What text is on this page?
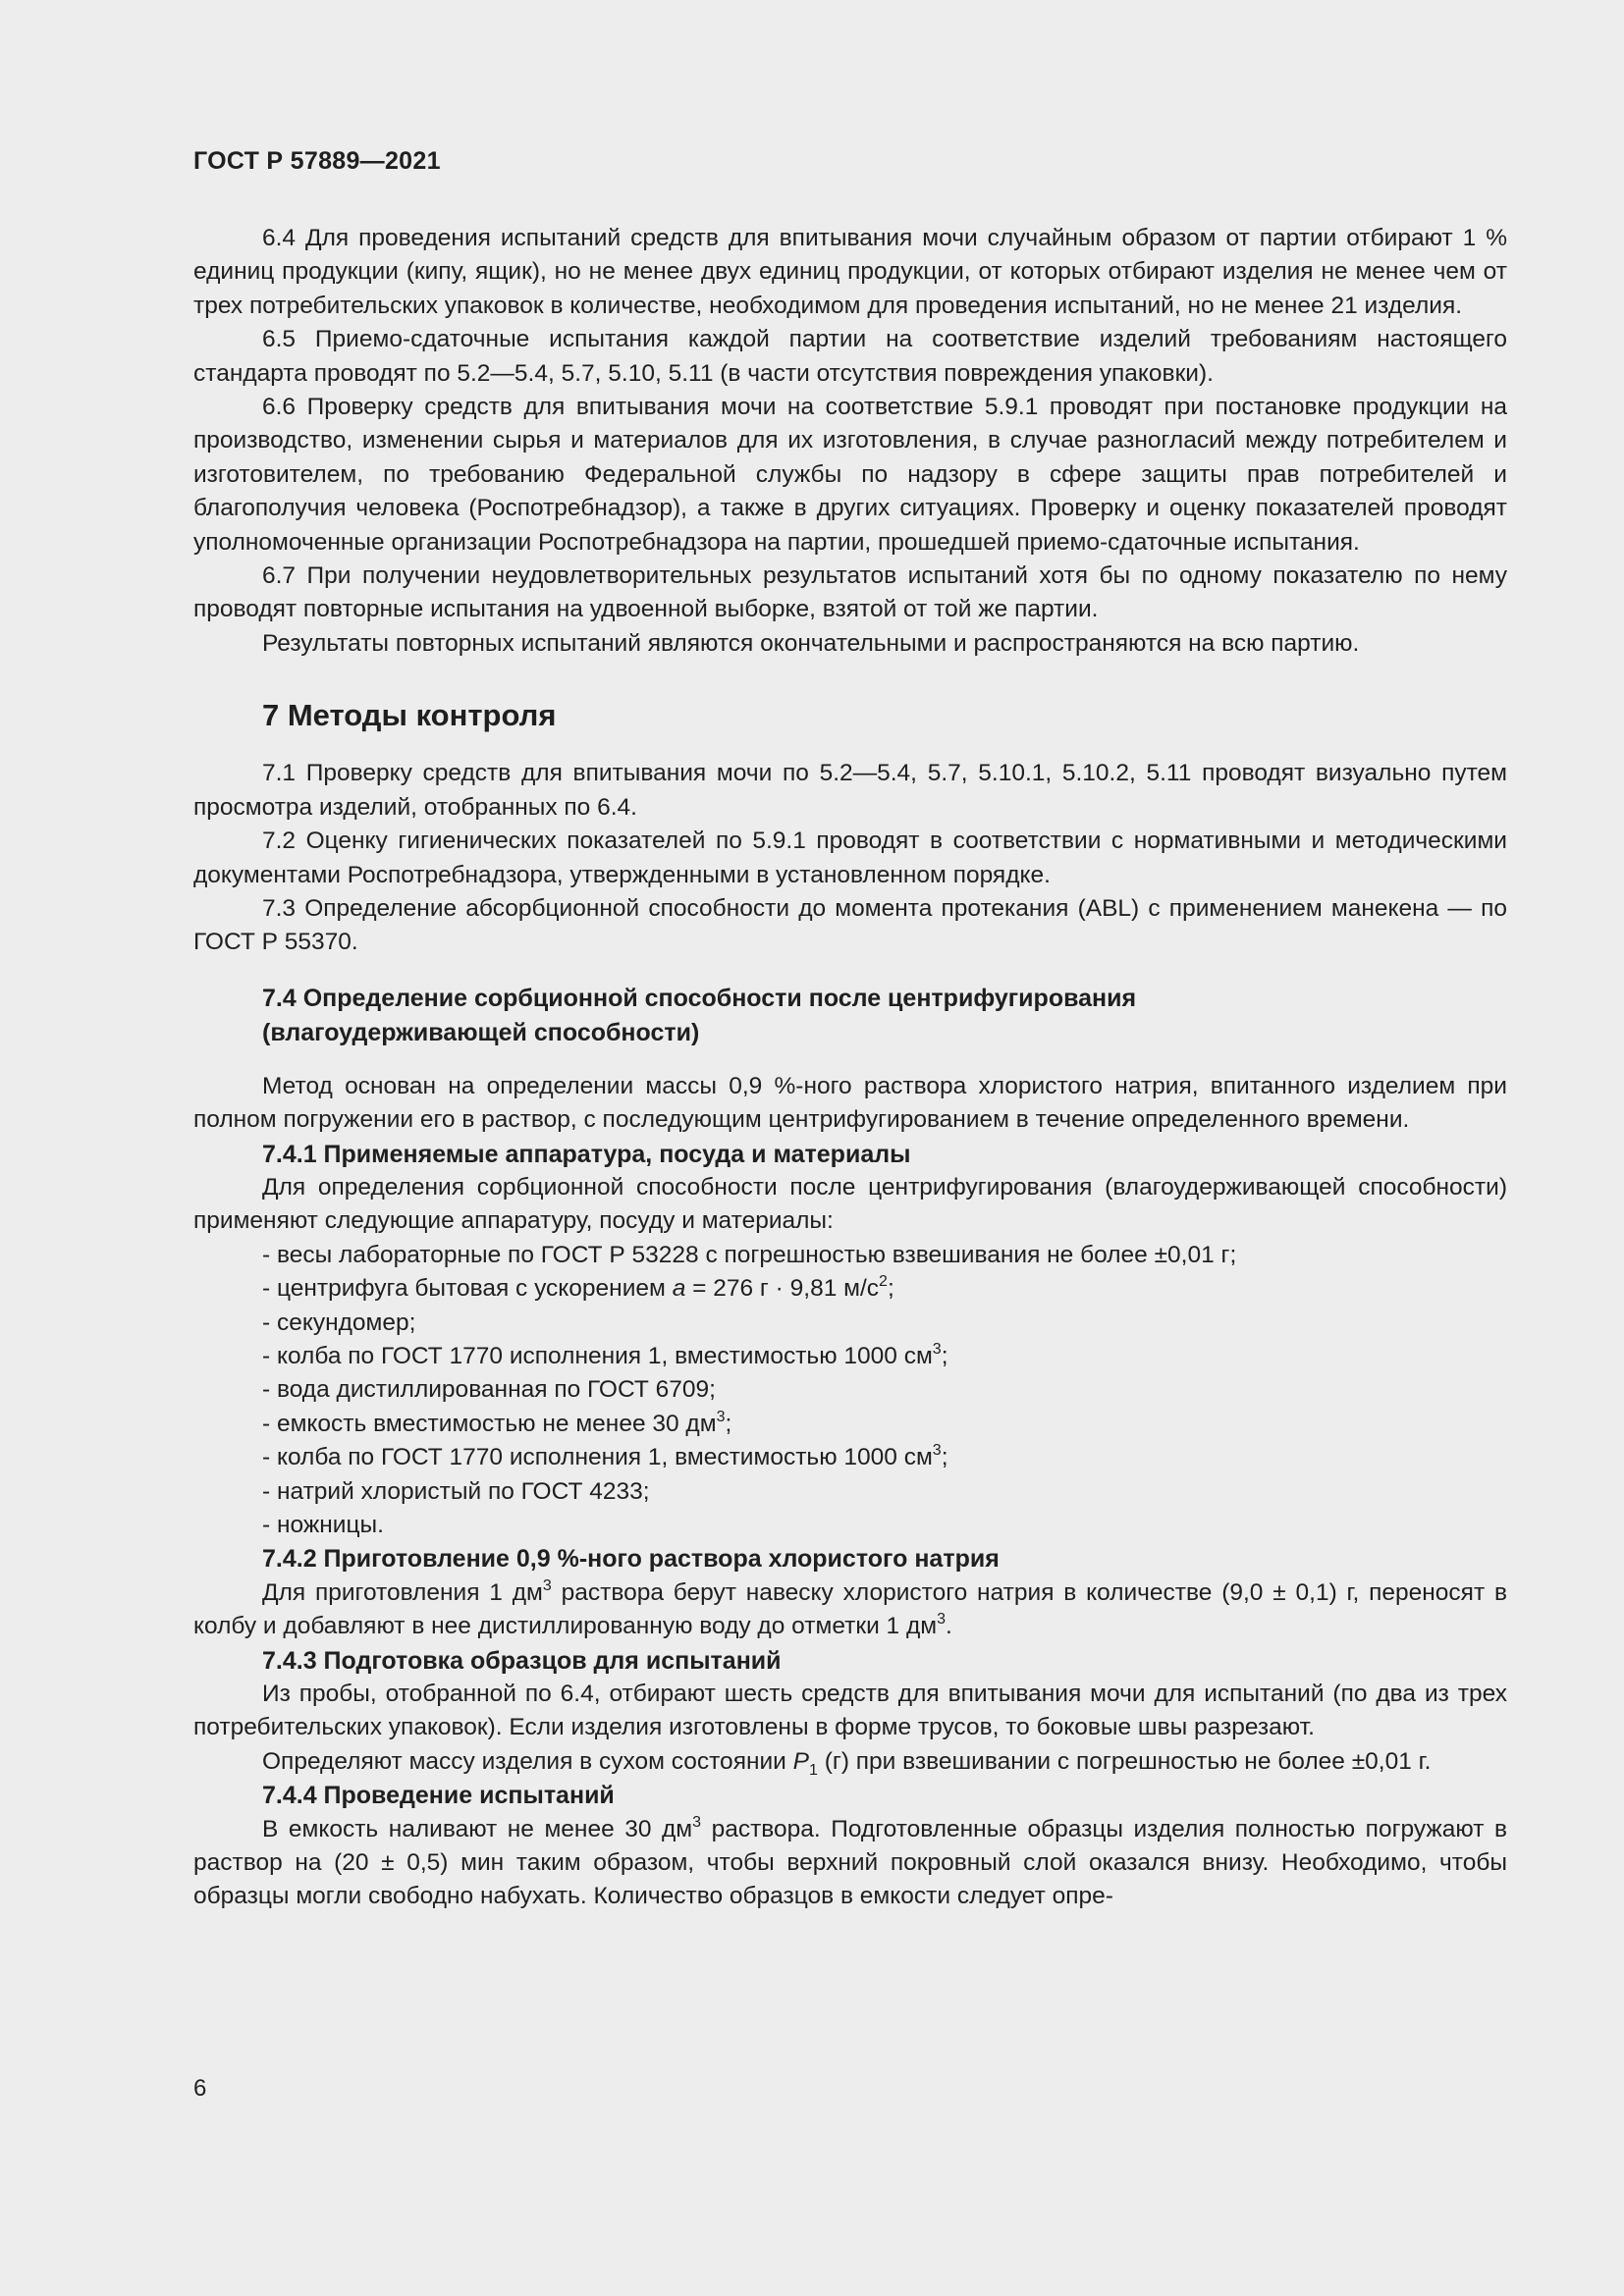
ГОСТ Р 57889—2021

6.4 Для проведения испытаний средств для впитывания мочи случайным образом от партии отбирают 1 % единиц продукции (кипу, ящик), но не менее двух единиц продукции, от которых отбирают изделия не менее чем от трех потребительских упаковок в количестве, необходимом для проведения испытаний, но не менее 21 изделия.

6.5 Приемо-сдаточные испытания каждой партии на соответствие изделий требованиям настоящего стандарта проводят по 5.2—5.4, 5.7, 5.10, 5.11 (в части отсутствия повреждения упаковки).

6.6 Проверку средств для впитывания мочи на соответствие 5.9.1 проводят при постановке продукции на производство, изменении сырья и материалов для их изготовления, в случае разногласий между потребителем и изготовителем, по требованию Федеральной службы по надзору в сфере защиты прав потребителей и благополучия человека (Роспотребнадзор), а также в других ситуациях. Проверку и оценку показателей проводят уполномоченные организации Роспотребнадзора на партии, прошедшей приемо-сдаточные испытания.

6.7 При получении неудовлетворительных результатов испытаний хотя бы по одному показателю по нему проводят повторные испытания на удвоенной выборке, взятой от той же партии.

Результаты повторных испытаний являются окончательными и распространяются на всю партию.

7 Методы контроля

7.1 Проверку средств для впитывания мочи по 5.2—5.4, 5.7, 5.10.1, 5.10.2, 5.11 проводят визуально путем просмотра изделий, отобранных по 6.4.

7.2 Оценку гигиенических показателей по 5.9.1 проводят в соответствии с нормативными и методическими документами Роспотребнадзора, утвержденными в установленном порядке.

7.3 Определение абсорбционной способности до момента протекания (ABL) с применением манекена — по ГОСТ Р 55370.

7.4 Определение сорбционной способности после центрифугирования
(влагоудерживающей способности)

Метод основан на определении массы 0,9 %-ного раствора хлористого натрия, впитанного изделием при полном погружении его в раствор, с последующим центрифугированием в течение определенного времени.

7.4.1 Применяемые аппаратура, посуда и материалы

Для определения сорбционной способности после центрифугирования (влагоудерживающей способности) применяют следующие аппаратуру, посуду и материалы:

- весы лабораторные по ГОСТ Р 53228 с погрешностью взвешивания не более ±0,01 г;

- центрифуга бытовая с ускорением a = 276 г · 9,81 $м/с^2$;

- секундомер;

- колба по ГОСТ 1770 исполнения 1, вместимостью 1000 $см^3$;

- вода дистиллированная по ГОСТ 6709;

- емкость вместимостью не менее 30 $дм^3$;

- колба по ГОСТ 1770 исполнения 1, вместимостью 1000 $см^3$;

- натрий хлористый по ГОСТ 4233;

- ножницы.

7.4.2 Приготовление 0,9 %-ного раствора хлористого натрия

Для приготовления 1 $дм^3$ раствора берут навеску хлористого натрия в количестве (9,0 ± 0,1) г, переносят в колбу и добавляют в нее дистиллированную воду до отметки 1 $дм^3$.

7.4.3 Подготовка образцов для испытаний

Из пробы, отобранной по 6.4, отбирают шесть средств для впитывания мочи для испытаний (по два из трех потребительских упаковок). Если изделия изготовлены в форме трусов, то боковые швы разрезают.

Определяют массу изделия в сухом состоянии $P_1$ (г) при взвешивании с погрешностью не более ±0,01 г.

7.4.4 Проведение испытаний

В емкость наливают не менее 30 $дм^3$ раствора. Подготовленные образцы изделия полностью погружают в раствор на (20 ± 0,5) мин таким образом, чтобы верхний покровный слой оказался внизу. Необходимо, чтобы образцы могли свободно набухать. Количество образцов в емкости следует опре-

6
